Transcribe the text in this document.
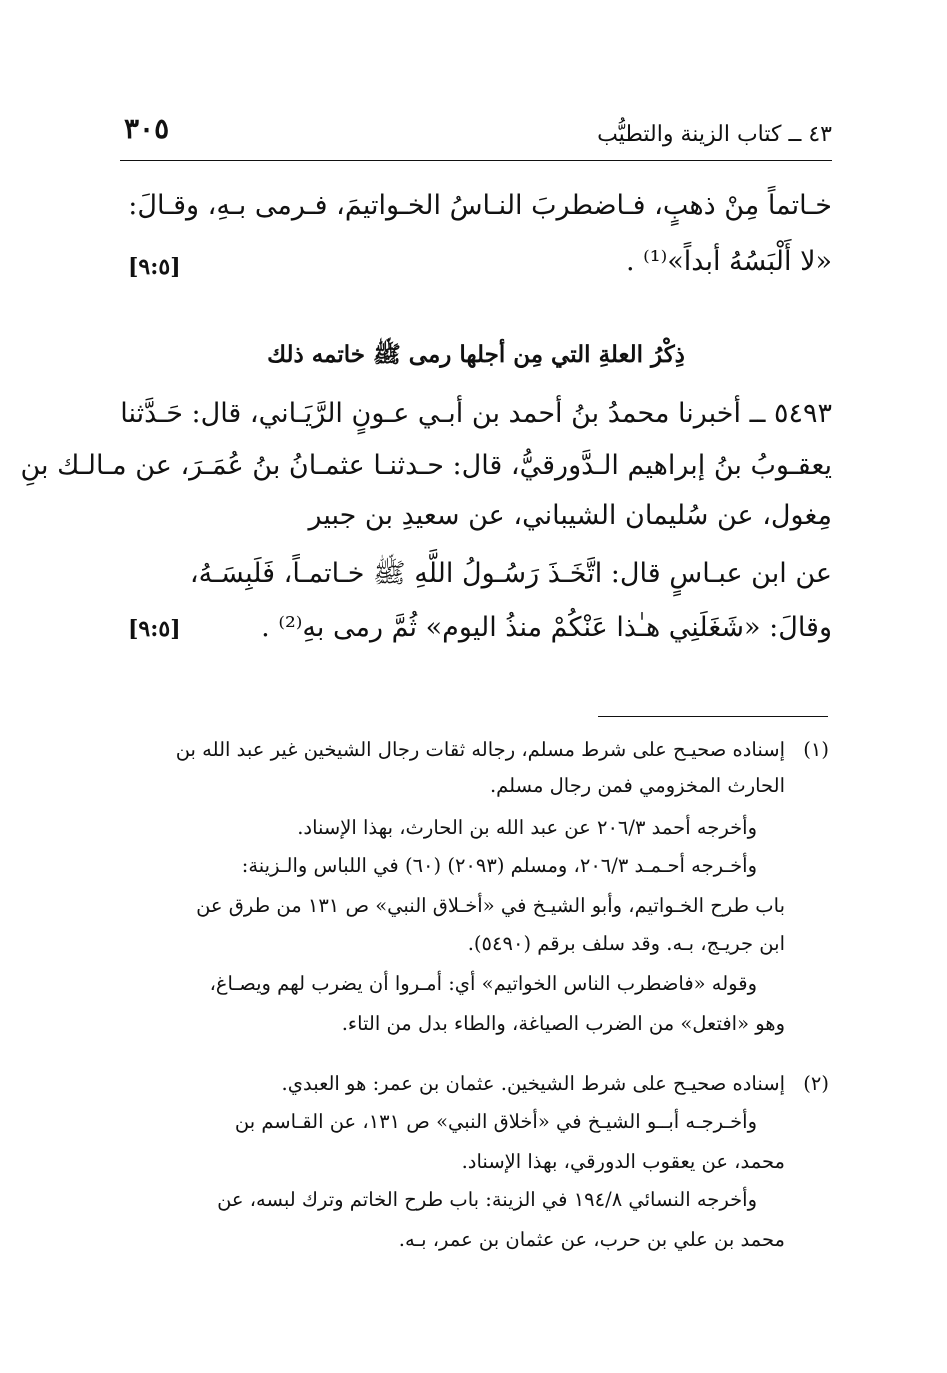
٣٠٥	٤٣ ــ كتاب الزينة والتطيُّب
خـاتماً مِنْ ذهبٍ، فـاضطربَ النـاسُ الخـواتيمَ، فـرمى بـهِ، وقـالَ:
«لا أَلْبَسُهُ أبداً»⁽¹⁾ .
[٩:٥]
ذِكْرُ العلةِ التي مِن أجلها رمى ﷺ خاتمه ذلك
٥٤٩٣ ــ أخبرنا محمدُ بنُ أحمد بن أبـي عـونٍ الرَّيَـاني، قال: حَـدَّثنا
يعقـوبُ بنُ إبراهيم الـدَّورقيُّ، قال: حـدثنـا عثمـانُ بنُ عُمَـرَ، عن مـالـك بنِ
مِغول، عن سُليمان الشيباني، عن سعيدِ بن جبير
عن ابن عبـاسٍ قال: اتَّخَـذَ رَسُـولُ اللَّهِ ﷺ خـاتمـاً، فَلَبِسَـهُ،
وقالَ: «شَغَلَنِي هـٰذا عَنْكُمْ منذُ اليوم» ثُمَّ رمى بهِ⁽²⁾ .
[٩:٥]
(١)
إسناده صحيـح على شرط مسلم، رجاله ثقات رجال الشيخين غير عبد الله بن
الحارث المخزومي فمن رجال مسلم.
وأخرجه أحمد ٢٠٦/٣ عن عبد الله بن الحارث، بهذا الإسناد.
وأخـرجه أحـمـد ٢٠٦/٣، ومسلم (٢٠٩٣) (٦٠) في اللباس والـزينة:
باب طرح الخـواتيم، وأبو الشيـخ في «أخـلاق النبي» ص ١٣١ من طرق عن
ابن جريـج، بـه. وقد سلف برقم (٥٤٩٠).
وقوله «فاضطرب الناس الخواتيم» أي: أمـروا أن يضرب لهم ويصـاغ،
وهو «افتعل» من الضرب الصياغة، والطاء بدل من التاء.
(٢)
إسناده صحيـح على شرط الشيخين. عثمان بن عمر: هو العبدي.
وأخـرجـه أبــو الشيـخ في «أخلاق النبي» ص ١٣١، عن القـاسم بن
محمد، عن يعقوب الدورقي، بهذا الإسناد.
وأخرجه النسائي ١٩٤/٨ في الزينة: باب طرح الخاتم وترك لبسه، عن
محمد بن علي بن حرب، عن عثمان بن عمر، بـه.
